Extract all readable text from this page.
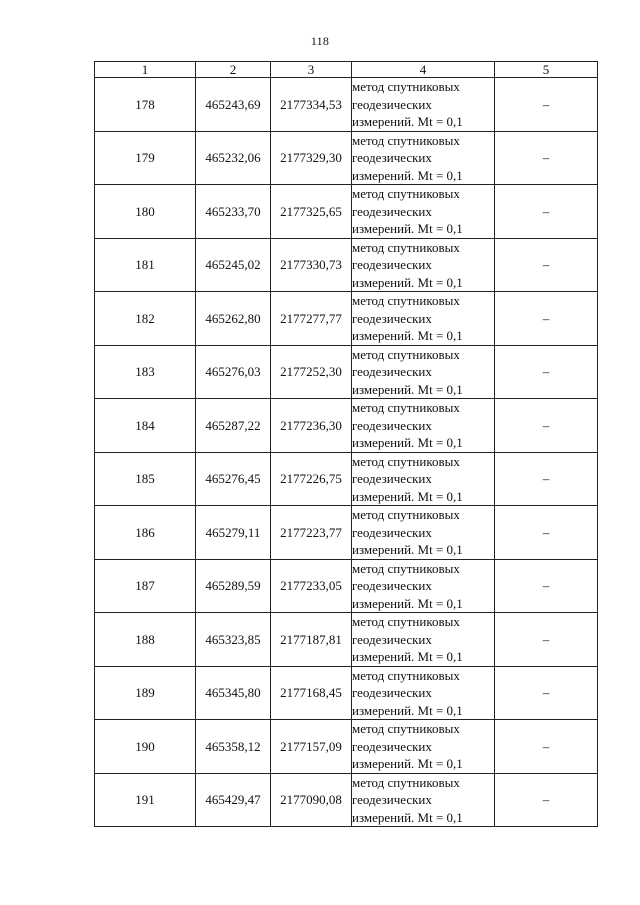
118
1	2	3	4	5
178	465243,69	2177334,53	метод спутниковых
геодезических
измерений. Mt = 0,1	–
179	465232,06	2177329,30	метод спутниковых
геодезических
измерений. Mt = 0,1	–
180	465233,70	2177325,65	метод спутниковых
геодезических
измерений. Mt = 0,1	–
181	465245,02	2177330,73	метод спутниковых
геодезических
измерений. Mt = 0,1	–
182	465262,80	2177277,77	метод спутниковых
геодезических
измерений. Mt = 0,1	–
183	465276,03	2177252,30	метод спутниковых
геодезических
измерений. Mt = 0,1	–
184	465287,22	2177236,30	метод спутниковых
геодезических
измерений. Mt = 0,1	–
185	465276,45	2177226,75	метод спутниковых
геодезических
измерений. Mt = 0,1	–
186	465279,11	2177223,77	метод спутниковых
геодезических
измерений. Mt = 0,1	–
187	465289,59	2177233,05	метод спутниковых
геодезических
измерений. Mt = 0,1	–
188	465323,85	2177187,81	метод спутниковых
геодезических
измерений. Mt = 0,1	–
189	465345,80	2177168,45	метод спутниковых
геодезических
измерений. Mt = 0,1	–
190	465358,12	2177157,09	метод спутниковых
геодезических
измерений. Mt = 0,1	–
191	465429,47	2177090,08	метод спутниковых
геодезических
измерений. Mt = 0,1	–
